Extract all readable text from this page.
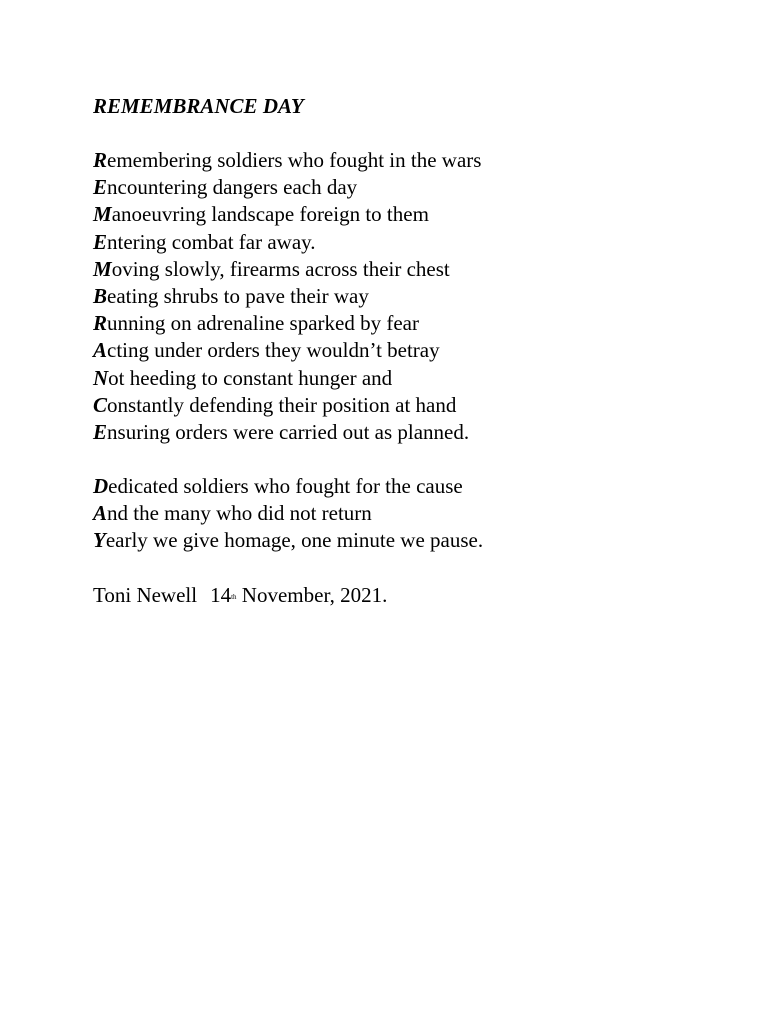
REMEMBRANCE DAY
Remembering soldiers who fought in the wars
Encountering dangers each day
Manoeuvring landscape foreign to them
Entering combat far away.
Moving slowly, firearms across their chest
Beating shrubs to pave their way
Running on adrenaline sparked by fear
Acting under orders they wouldn’t betray
Not heeding to constant hunger and
Constantly defending their position at hand
Ensuring orders were carried out as planned.
Dedicated soldiers who fought for the cause
And the many who did not return
Yearly we give homage, one minute we pause.
Toni Newell 14th November, 2021.
